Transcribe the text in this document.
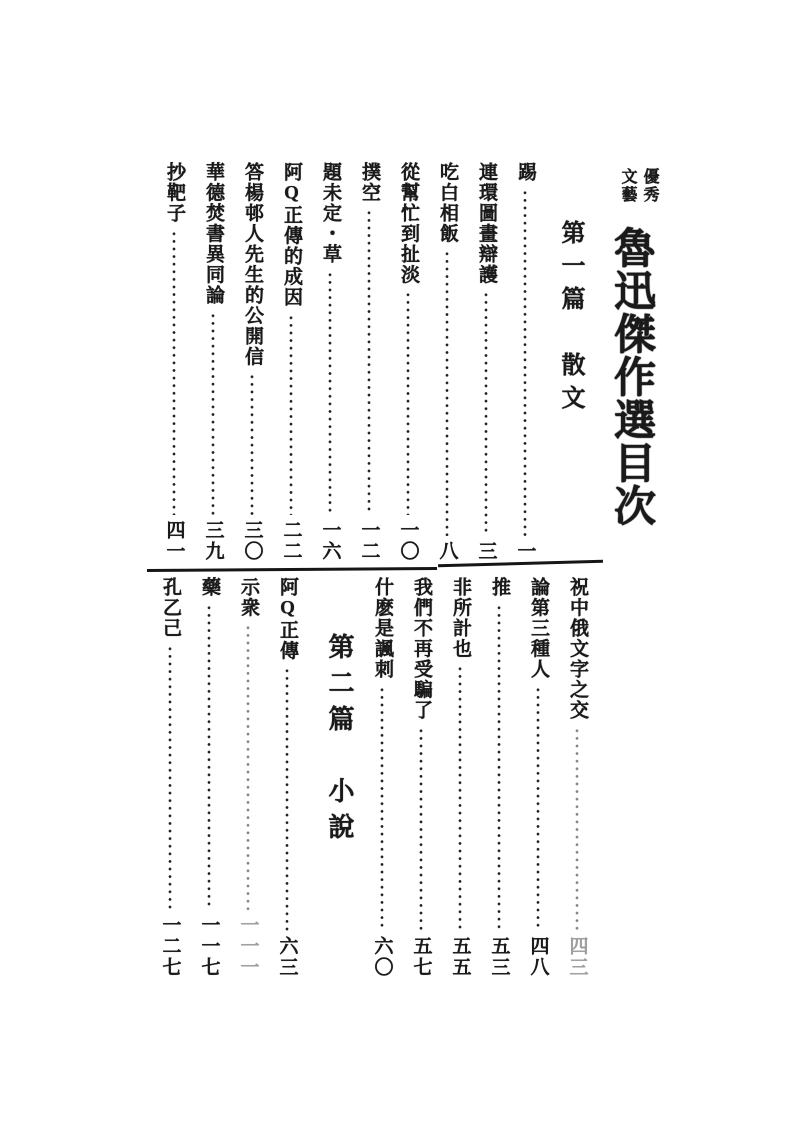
優秀文藝
魯迅傑作選目次
第一篇　散文
踢
一
連環圖畫辯護
三
吃白相飯
八
從幫忙到扯淡
一〇
撲空
一二
題未定・草
一六
阿Q正傳的成因
二二
答楊邨人先生的公開信
三〇
華德焚書異同論
三九
抄靶子
四一
祝中俄文字之交
四三
論第三種人
四八
推
五三
非所計也
五五
我們不再受騙了
五七
什麽是諷刺
六〇
第二篇　小說
阿Q正傳
六三
示衆
一一一
藥
一一七
孔乙己
一二七
